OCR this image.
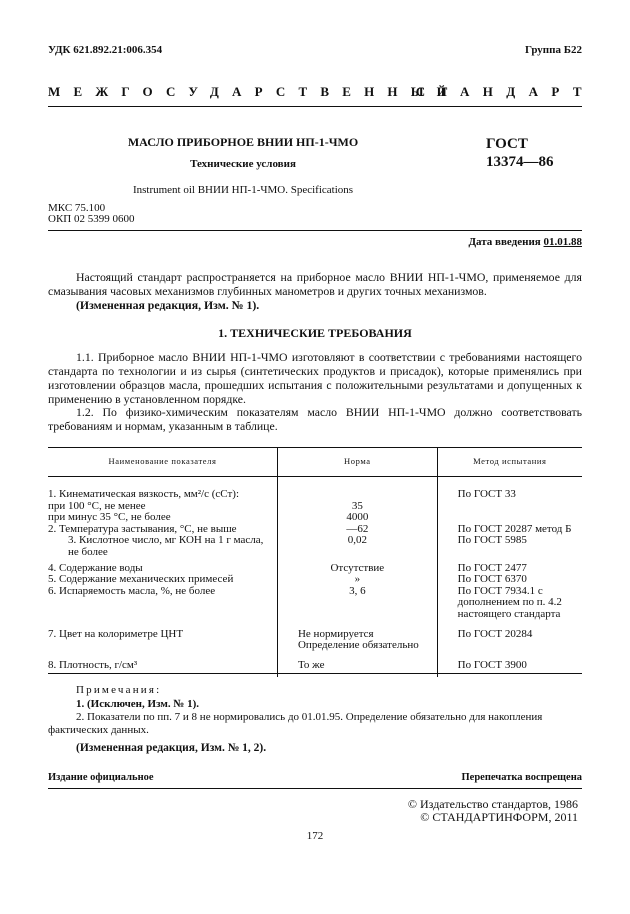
УДК 621.892.21:006.354	Группа Б22
МЕЖГОСУДАРСТВЕННЫЙ
СТАНДАРТ
МАСЛО ПРИБОРНОЕ ВНИИ НП-1-ЧМО
Технические условия
ГОСТ
13374—86
Instrument oil ВНИИ НП-1-ЧМО. Specifications
МКС 75.100
ОКП 02 5399 0600
Дата введения 01.01.88
Настоящий стандарт распространяется на приборное масло ВНИИ НП-1-ЧМО, применяемое для смазывания часовых механизмов глубинных манометров и других точных механизмов.
(Измененная редакция, Изм. № 1).
1. ТЕХНИЧЕСКИЕ ТРЕБОВАНИЯ
1.1. Приборное масло ВНИИ НП-1-ЧМО изготовляют в соответствии с требованиями настоящего стандарта по технологии и из сырья (синтетических продуктов и присадок), которые применялись при изготовлении образцов масла, прошедших испытания с положительными результатами и допущенных к применению в установленном порядке.
1.2. По физико-химическим показателям масло ВНИИ НП-1-ЧМО должно соответствовать требованиям и нормам, указанным в таблице.
Наименование показателя	Норма	Метод испытания

1. Кинематическая вязкость, мм²/с (сСт):		По ГОСТ 33
при 100 °С, не менее	35	
при минус 35 °С, не более	4000	
2. Температура застывания, °С, не выше	—62	По ГОСТ 20287 метод Б
3. Кислотное число, мг КОН на 1 г масла, не более	0,02	По ГОСТ 5985
4. Содержание воды	Отсутствие	По ГОСТ 2477
5. Содержание механических примесей	»	По ГОСТ 6370
6. Испаряемость масла, %, не более	3, 6	По ГОСТ 7934.1 с дополнением по п. 4.2 настоящего стандарта
7. Цвет на колориметре ЦНТ	Не нормируется Определение обязательно	По ГОСТ 20284
8. Плотность, г/см³	То же	По ГОСТ 3900
Примечания:
1. (Исключен, Изм. № 1).
2. Показатели по пп. 7 и 8 не нормировались до 01.01.95. Определение обязательно для накопления фактических данных.
(Измененная редакция, Изм. № 1, 2).
Издание официальное	Перепечатка воспрещена
© Издательство стандартов, 1986
© СТАНДАРТИНФОРМ, 2011
172
